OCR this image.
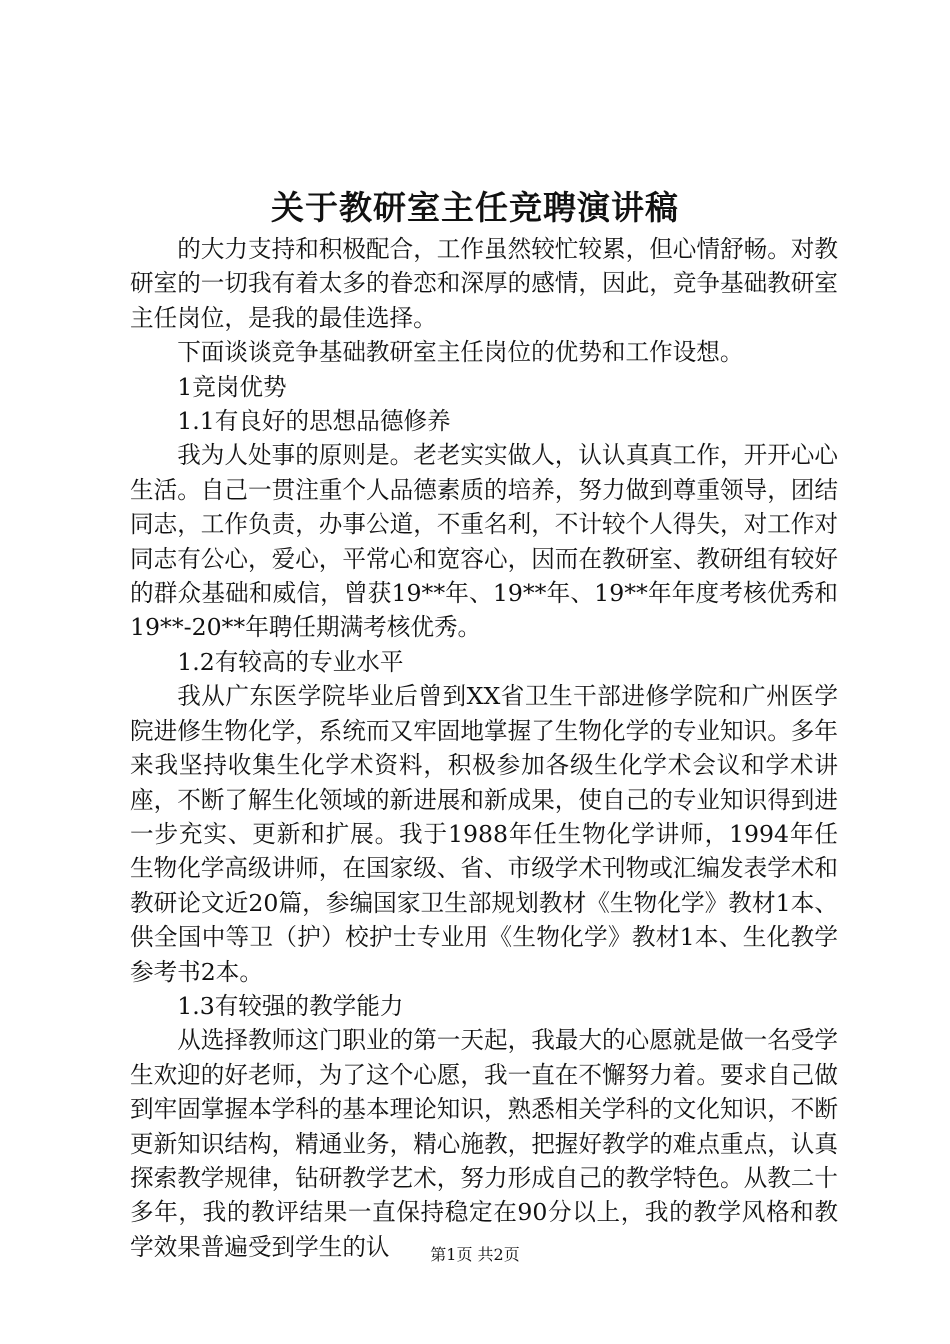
关于教研室主任竞聘演讲稿

的大力支持和积极配合，工作虽然较忙较累，但心情舒畅。对教研室的一切我有着太多的眷恋和深厚的感情，因此，竞争基础教研室主任岗位，是我的最佳选择。

下面谈谈竞争基础教研室主任岗位的优势和工作设想。

1竞岗优势

1.1有良好的思想品德修养

我为人处事的原则是。老老实实做人，认认真真工作，开开心心生活。自己一贯注重个人品德素质的培养，努力做到尊重领导，团结同志，工作负责，办事公道，不重名利，不计较个人得失，对工作对同志有公心，爱心，平常心和宽容心，因而在教研室、教研组有较好的群众基础和威信，曾获19**年、19**年、19**年年度考核优秀和19**-20**年聘任期满考核优秀。

1.2有较高的专业水平

我从广东医学院毕业后曾到XX省卫生干部进修学院和广州医学院进修生物化学，系统而又牢固地掌握了生物化学的专业知识。多年来我坚持收集生化学术资料，积极参加各级生化学术会议和学术讲座，不断了解生化领域的新进展和新成果，使自己的专业知识得到进一步充实、更新和扩展。我于1988年任生物化学讲师，1994年任生物化学高级讲师，在国家级、省、市级学术刊物或汇编发表学术和教研论文近20篇，参编国家卫生部规划教材《生物化学》教材1本、供全国中等卫（护）校护士专业用《生物化学》教材1本、生化教学参考书2本。

1.3有较强的教学能力

从选择教师这门职业的第一天起，我最大的心愿就是做一名受学生欢迎的好老师，为了这个心愿，我一直在不懈努力着。要求自己做到牢固掌握本学科的基本理论知识，熟悉相关学科的文化知识，不断更新知识结构，精通业务，精心施教，把握好教学的难点重点，认真探索教学规律，钻研教学艺术，努力形成自己的教学特色。从教二十多年，我的教评结果一直保持稳定在90分以上，我的教学风格和教学效果普遍受到学生的认	第1页 共2页
